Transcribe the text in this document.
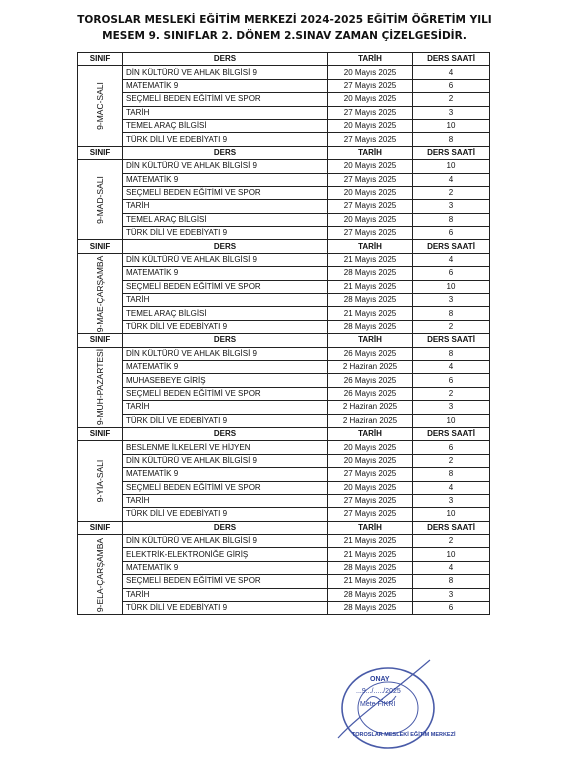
TOROSLAR MESLEKİ EĞİTİM MERKEZİ 2024-2025 EĞİTİM ÖĞRETİM YILI
MESEM 9. SINIFLAR 2. DÖNEM 2.SINAV ZAMAN ÇİZELGESİDİR.
SINIF	DERS	TARİH	DERS SAATİ

9-MAC-SALI	DİN KÜLTÜRÜ VE AHLAK BİLGİSİ 9	20 Mayıs 2025	4
	MATEMATİK 9	27 Mayıs 2025	6
	SEÇMELİ BEDEN EĞİTİMİ VE SPOR	20 Mayıs 2025	2
	TARİH	27 Mayıs 2025	3
	TEMEL ARAÇ BİLGİSİ	20 Mayıs 2025	10
	TÜRK DİLİ VE EDEBİYATI 9	27 Mayıs 2025	8
SINIF	DERS	TARİH	DERS SAATİ

9-MAD-SALI	DİN KÜLTÜRÜ VE AHLAK BİLGİSİ 9	20 Mayıs 2025	10
	MATEMATİK 9	27 Mayıs 2025	4
	SEÇMELİ BEDEN EĞİTİMİ VE SPOR	20 Mayıs 2025	2
	TARİH	27 Mayıs 2025	3
	TEMEL ARAÇ BİLGİSİ	20 Mayıs 2025	8
	TÜRK DİLİ VE EDEBİYATI 9	27 Mayıs 2025	6
SINIF	DERS	TARİH	DERS SAATİ

9-MAE-ÇARŞAMBA	DİN KÜLTÜRÜ VE AHLAK BİLGİSİ 9	21 Mayıs 2025	4
	MATEMATİK 9	28 Mayıs 2025	6
	SEÇMELİ BEDEN EĞİTİMİ VE SPOR	21 Mayıs 2025	10
	TARİH	28 Mayıs 2025	3
	TEMEL ARAÇ BİLGİSİ	21 Mayıs 2025	8
	TÜRK DİLİ VE EDEBİYATI 9	28 Mayıs 2025	2
SINIF	DERS	TARİH	DERS SAATİ

9-MUH-PAZARTESİ	DİN KÜLTÜRÜ VE AHLAK BİLGİSİ 9	26 Mayıs 2025	8
	MATEMATİK 9	2 Haziran 2025	4
	MUHASEBEYE GİRİŞ	26 Mayıs 2025	6
	SEÇMELİ BEDEN EĞİTİMİ VE SPOR	26 Mayıs 2025	2
	TARİH	2 Haziran 2025	3
	TÜRK DİLİ VE EDEBİYATI 9	2 Haziran 2025	10
SINIF	DERS	TARİH	DERS SAATİ

9-YİA-SALI	BESLENME İLKELERİ VE HİJYEN	20 Mayıs 2025	6
	DİN KÜLTÜRÜ VE AHLAK BİLGİSİ 9	20 Mayıs 2025	2
	MATEMATİK 9	27 Mayıs 2025	8
	SEÇMELİ BEDEN EĞİTİMİ VE SPOR	20 Mayıs 2025	4
	TARİH	27 Mayıs 2025	3
	TÜRK DİLİ VE EDEBİYATI 9	27 Mayıs 2025	10
SINIF	DERS	TARİH	DERS SAATİ

9-ELA-ÇARŞAMBA	DİN KÜLTÜRÜ VE AHLAK BİLGİSİ 9	21 Mayıs 2025	2
	ELEKTRİK-ELEKTRONİĞE GİRİŞ	21 Mayıs 2025	10
	MATEMATİK 9	28 Mayıs 2025	4
	SEÇMELİ BEDEN EĞİTİMİ VE SPOR	21 Mayıs 2025	8
	TARİH	28 Mayıs 2025	3
	TÜRK DİLİ VE EDEBİYATI 9	28 Mayıs 2025	6
ONAY
...9.../...../2025
Mete FİKRİ
TOROSLAR MESLEKİ EĞİTİM MERKEZİ
